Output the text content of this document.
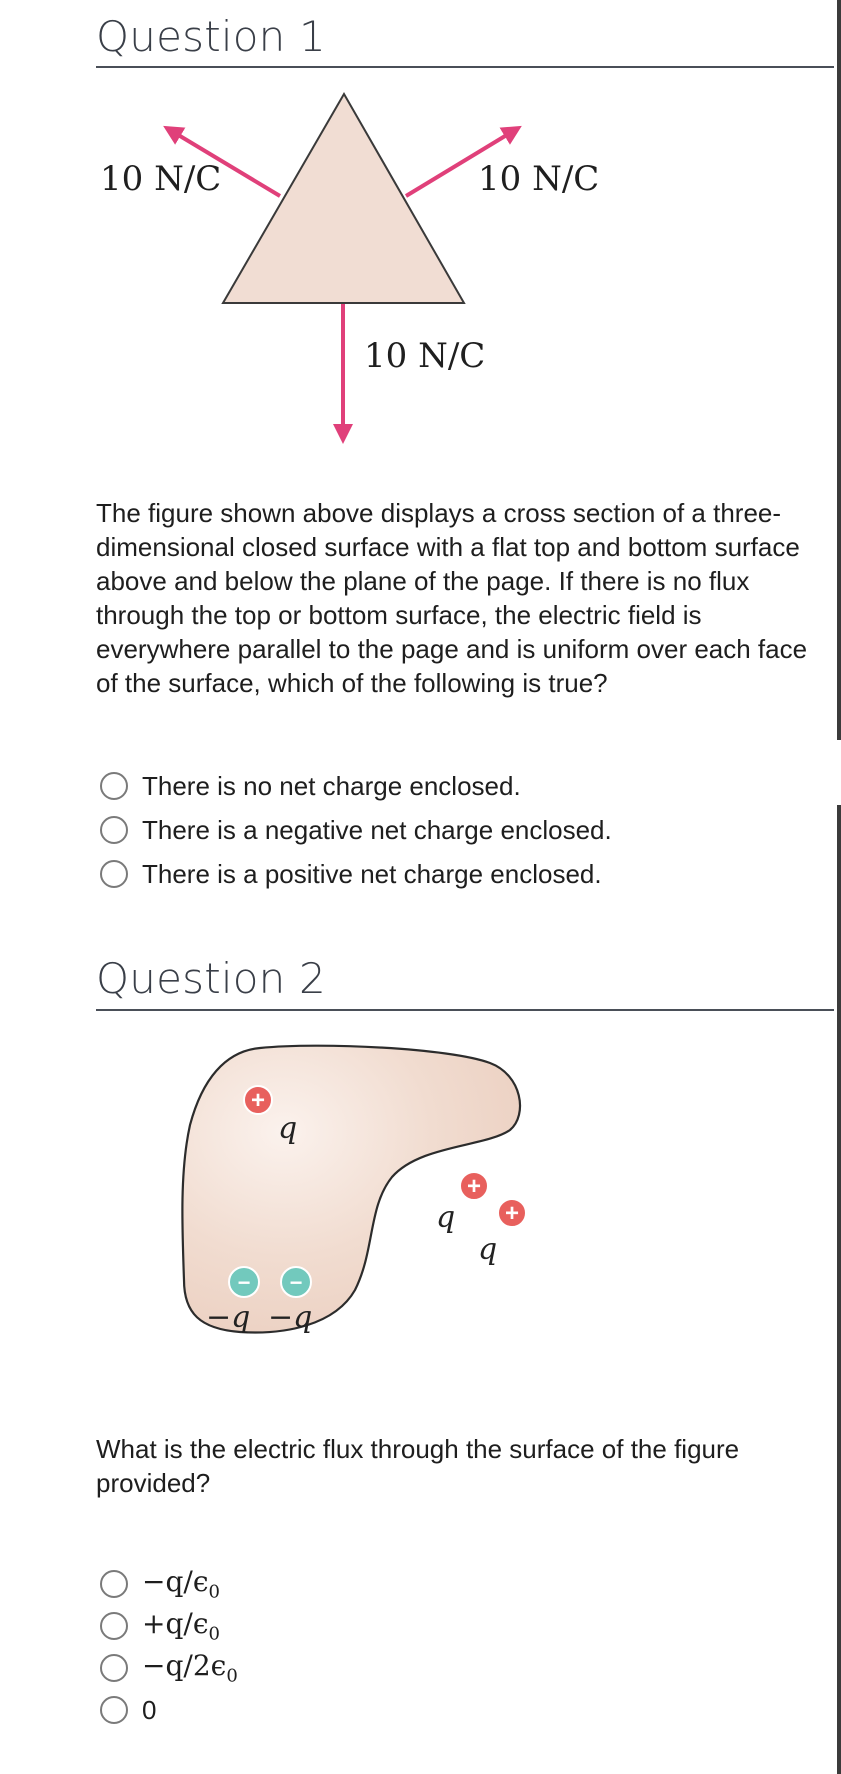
Question 1
10 N/C	10 N/C
10 N/C

The figure shown above displays a cross section of a three-dimensional closed surface with a flat top and bottom surface above and below the plane of the page. If there is no flux through the top or bottom surface, the electric field is everywhere parallel to the page and is uniform over each face of the surface, which of the following is true?

There is no net charge enclosed.
There is a negative net charge enclosed.
There is a positive net charge enclosed.
Question 2
+
q
− −
−q −q
+
+
q
q

What is the electric flux through the surface of the figure provided?

$-q/\epsilon_0$
$+q/\epsilon_0$
$-q/2\epsilon_0$
0
